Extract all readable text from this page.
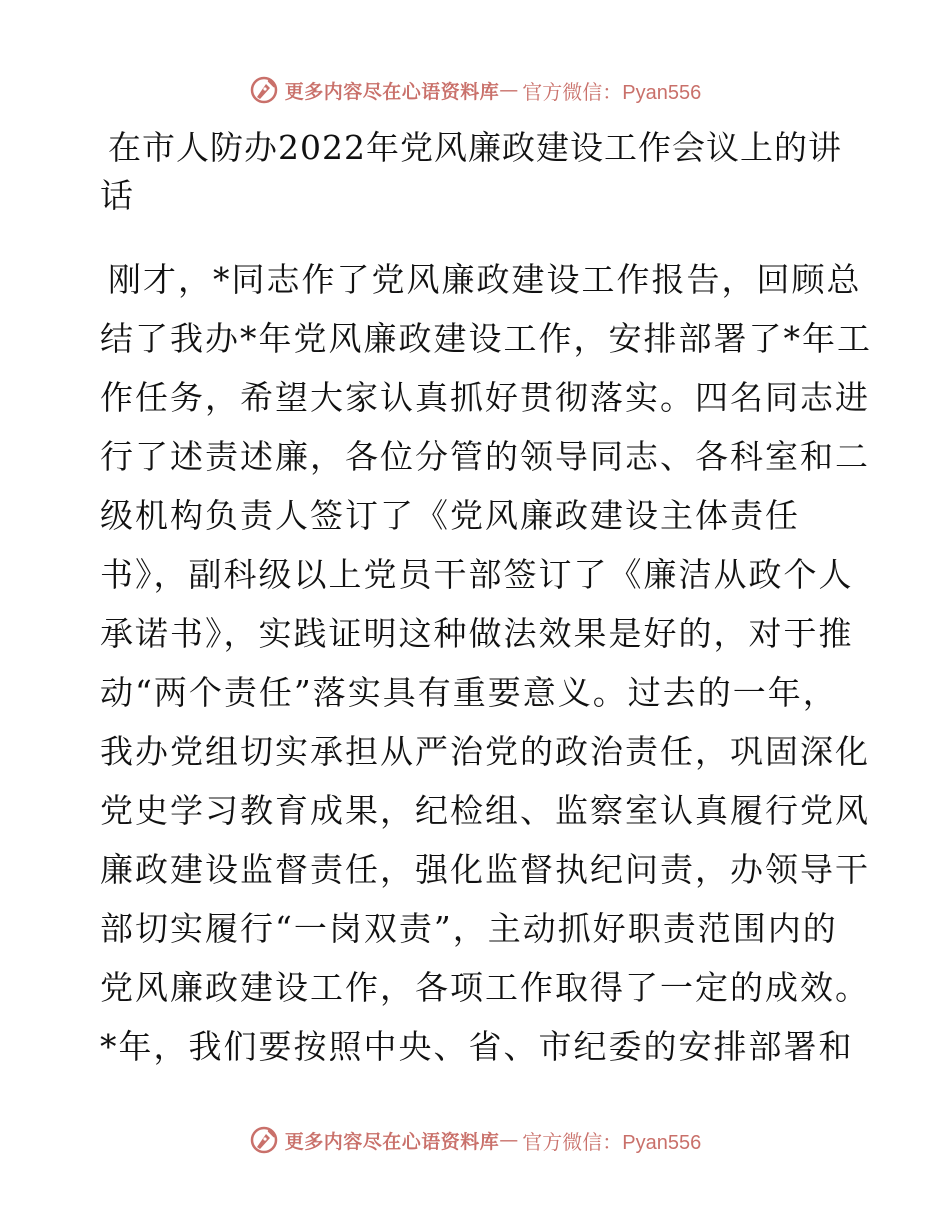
更多内容尽在心语资料库 — 官方微信：Pyan556
在市人防办2022年党风廉政建设工作会议上的讲
话
刚才，*同志作了党风廉政建设工作报告，回顾总
结了我办*年党风廉政建设工作，安排部署了*年工
作任务，希望大家认真抓好贯彻落实。四名同志进
行了述责述廉，各位分管的领导同志、各科室和二
级机构负责人签订了《党风廉政建设主体责任
书》，副科级以上党员干部签订了《廉洁从政个人
承诺书》，实践证明这种做法效果是好的，对于推
动“两个责任”落实具有重要意义。过去的一年，
我办党组切实承担从严治党的政治责任，巩固深化
党史学习教育成果，纪检组、监察室认真履行党风
廉政建设监督责任，强化监督执纪问责，办领导干
部切实履行“一岗双责”，主动抓好职责范围内的
党风廉政建设工作，各项工作取得了一定的成效。
*年，我们要按照中央、省、市纪委的安排部署和
更多内容尽在心语资料库 — 官方微信：Pyan556
